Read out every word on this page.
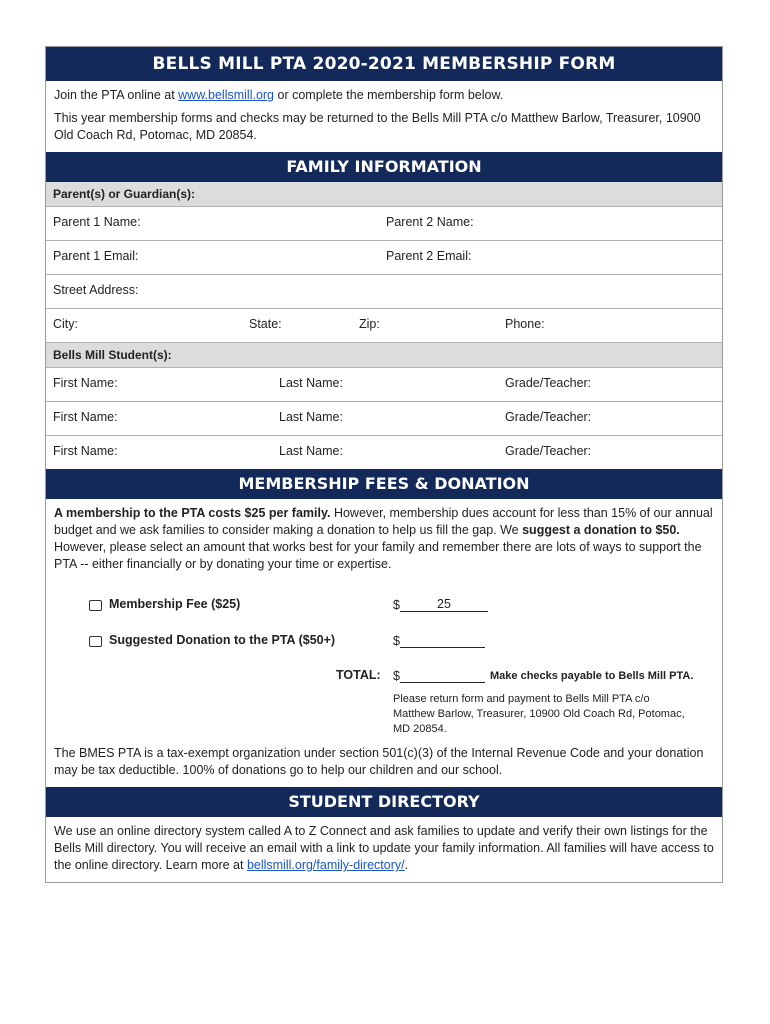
BELLS MILL PTA 2020-2021 MEMBERSHIP FORM

Join the PTA online at www.bellsmill.org or complete the membership form below.

This year membership forms and checks may be returned to the Bells Mill PTA c/o Matthew Barlow, Treasurer, 10900 Old Coach Rd, Potomac, MD 20854.

FAMILY INFORMATION
Parent(s) or Guardian(s):
Parent 1 Name:	Parent 2 Name:
Parent 1 Email:	Parent 2 Email:
Street Address:
City:	State:	Zip:	Phone:
Bells Mill Student(s):
First Name:	Last Name:	Grade/Teacher:
First Name:	Last Name:	Grade/Teacher:
First Name:	Last Name:	Grade/Teacher:
MEMBERSHIP FEES & DONATION

A membership to the PTA costs $25 per family. However, membership dues account for less than 15% of our annual budget and we ask families to consider making a donation to help us fill the gap. We suggest a donation to $50. However, please select an amount that works best for your family and remember there are lots of ways to support the PTA -- either financially or by donating your time or expertise.

Membership Fee ($25)	$	25
Suggested Donation to the PTA ($50+)	$
TOTAL: $	Make checks payable to Bells Mill PTA.
Please return form and payment to Bells Mill PTA c/o Matthew Barlow, Treasurer, 10900 Old Coach Rd, Potomac, MD 20854.
The BMES PTA is a tax-exempt organization under section 501(c)(3) of the Internal Revenue Code and your donation may be tax deductible. 100% of donations go to help our children and our school.
STUDENT DIRECTORY
We use an online directory system called A to Z Connect and ask families to update and verify their own listings for the Bells Mill directory. You will receive an email with a link to update your family information. All families will have access to the online directory. Learn more at bellsmill.org/family-directory/.
